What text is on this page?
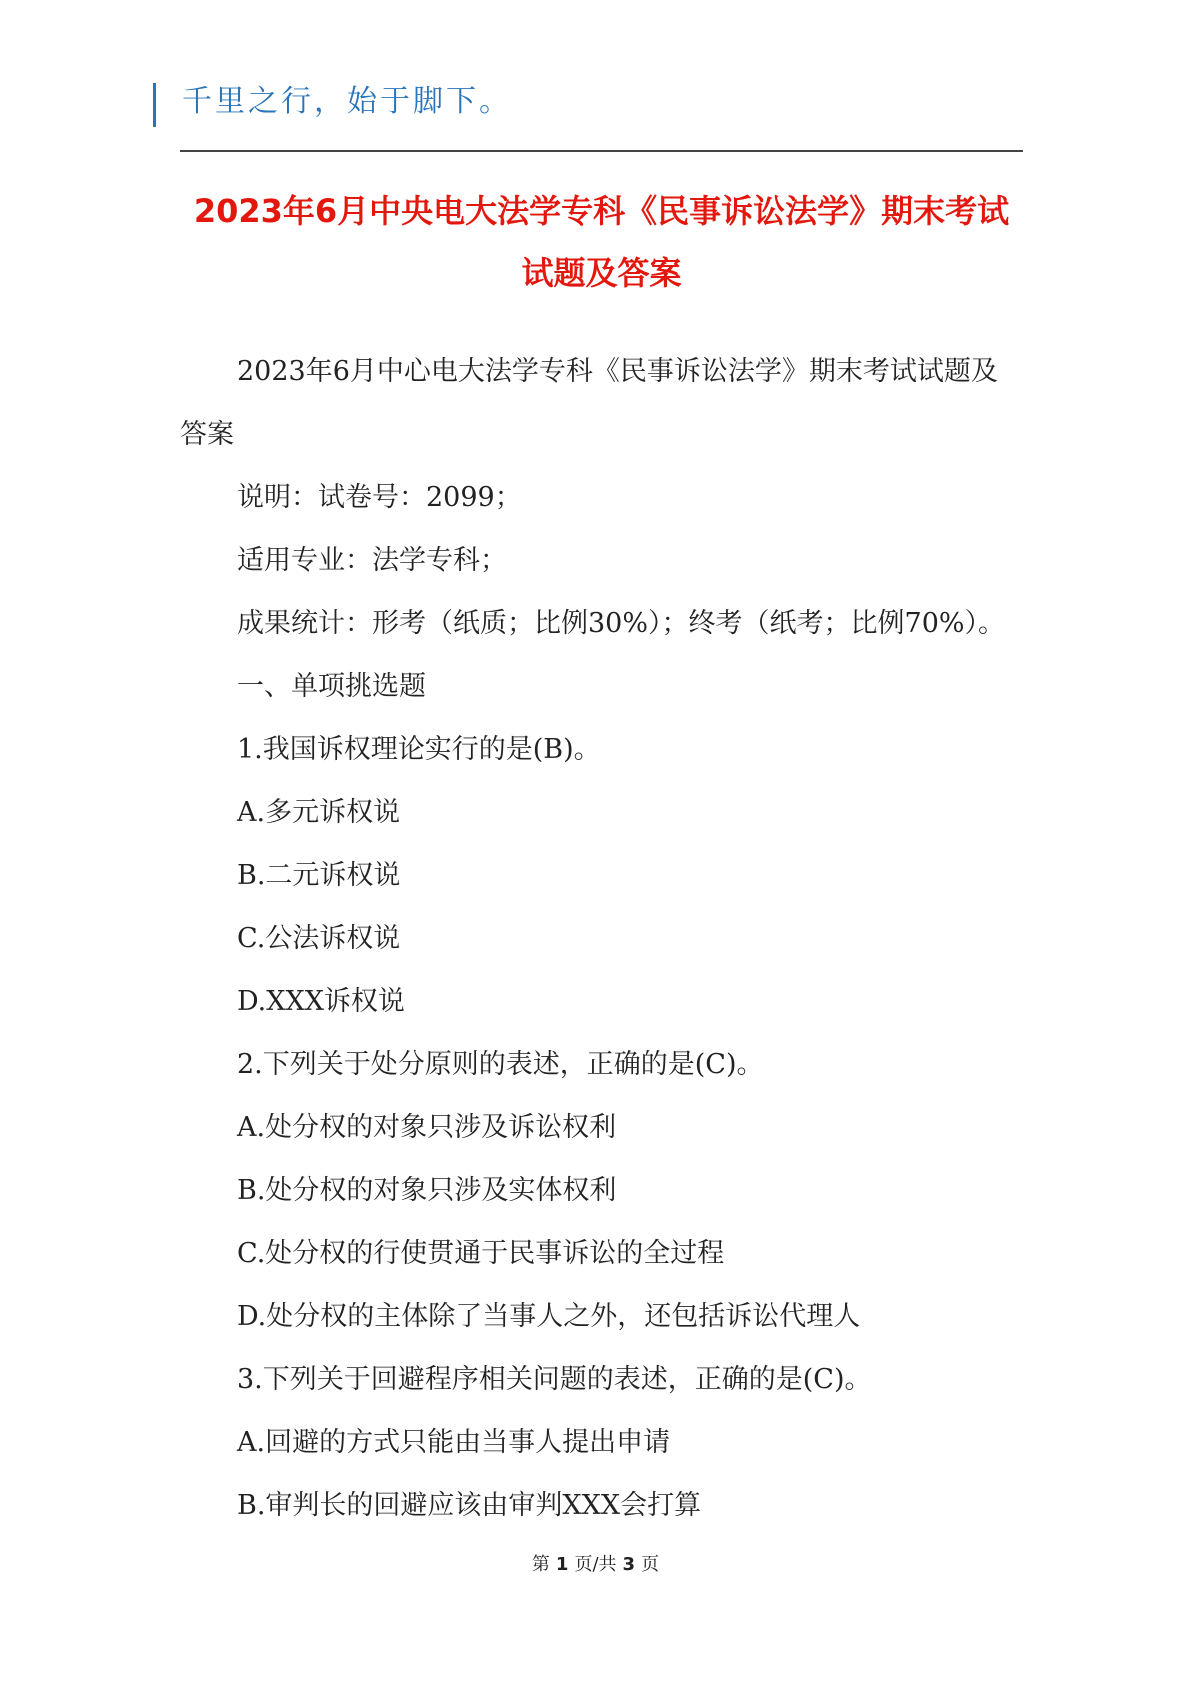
千里之行，始于脚下。
2023年6月中央电大法学专科《民事诉讼法学》期末考试试题及答案

2023年6月中心电大法学专科《民事诉讼法学》期末考试试题及答案

说明：试卷号：2099；

适用专业：法学专科；

成果统计：形考（纸质；比例30%）；终考（纸考；比例70%）。

一、单项挑选题

1.我国诉权理论实行的是(B)。

A.多元诉权说

B.二元诉权说

C.公法诉权说

D.XXX诉权说

2.下列关于处分原则的表述，正确的是(C)。

A.处分权的对象只涉及诉讼权利

B.处分权的对象只涉及实体权利

C.处分权的行使贯通于民事诉讼的全过程

D.处分权的主体除了当事人之外，还包括诉讼代理人

3.下列关于回避程序相关问题的表述，正确的是(C)。

A.回避的方式只能由当事人提出申请

B.审判长的回避应该由审判XXX会打算

第 1 页/共 3 页
